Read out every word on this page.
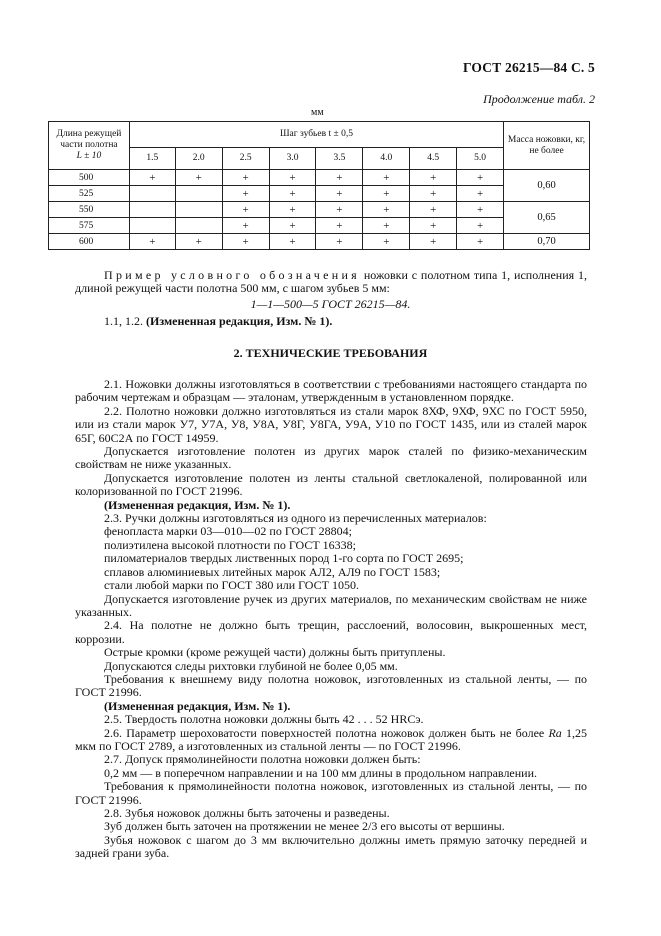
ГОСТ 26215—84 С. 5
Продолжение табл. 2
мм
Длина режущей части полотна
L ± 10	Шаг зубьев t ± 0,5								Масса ножовки, кг, не более
	1.5	2.0	2.5	3.0	3.5	4.0	4.5	5.0	
500	+	+	+	+	+	+	+	+	0,60
525			+	+	+	+	+	+	
550			+	+	+	+	+	+	0,65
575			+	+	+	+	+	+	
600	+	+	+	+	+	+	+	+	0,70

Пример условного обозначения ножовки с полотном типа 1, исполнения 1, длиной режущей части полотна 500 мм, с шагом зубьев 5 мм:

1—1—500—5 ГОСТ 26215—84.

1.1, 1.2. (Измененная редакция, Изм. № 1).

2. ТЕХНИЧЕСКИЕ ТРЕБОВАНИЯ

2.1. Ножовки должны изготовляться в соответствии с требованиями настоящего стандарта по рабочим чертежам и образцам — эталонам, утвержденным в установленном порядке.

2.2. Полотно ножовки должно изготовляться из стали марок 8ХФ, 9ХФ, 9ХС по ГОСТ 5950, или из стали марок У7, У7А, У8, У8А, У8Г, У8ГА, У9А, У10 по ГОСТ 1435, или из сталей марок 65Г, 60С2А по ГОСТ 14959.

Допускается изготовление полотен из других марок сталей по физико-механическим свойствам не ниже указанных.

Допускается изготовление полотен из ленты стальной светлокаленой, полированной или колоризованной по ГОСТ 21996.

(Измененная редакция, Изм. № 1).

2.3. Ручки должны изготовляться из одного из перечисленных материалов:

фенопласта марки 03—010—02 по ГОСТ 28804;

полиэтилена высокой плотности по ГОСТ 16338;

пиломатериалов твердых лиственных пород 1-го сорта по ГОСТ 2695;

сплавов алюминиевых литейных марок АЛ2, АЛ9 по ГОСТ 1583;

стали любой марки по ГОСТ 380 или ГОСТ 1050.

Допускается изготовление ручек из других материалов, по механическим свойствам не ниже указанных.

2.4. На полотне не должно быть трещин, расслоений, волосовин, выкрошенных мест, коррозии.

Острые кромки (кроме режущей части) должны быть притуплены.

Допускаются следы рихтовки глубиной не более 0,05 мм.

Требования к внешнему виду полотна ножовок, изготовленных из стальной ленты, — по ГОСТ 21996.

(Измененная редакция, Изм. № 1).

2.5. Твердость полотна ножовки должны быть 42 . . . 52 HRCэ.

2.6. Параметр шероховатости поверхностей полотна ножовок должен быть не более Ra 1,25 мкм по ГОСТ 2789, а изготовленных из стальной ленты — по ГОСТ 21996.

2.7. Допуск прямолинейности полотна ножовки должен быть:

0,2 мм — в поперечном направлении и на 100 мм длины в продольном направлении.

Требования к прямолинейности полотна ножовок, изготовленных из стальной ленты, — по ГОСТ 21996.

2.8. Зубья ножовок должны быть заточены и разведены.

Зуб должен быть заточен на протяжении не менее 2/3 его высоты от вершины.

Зубья ножовок с шагом до 3 мм включительно должны иметь прямую заточку передней и задней грани зуба.
